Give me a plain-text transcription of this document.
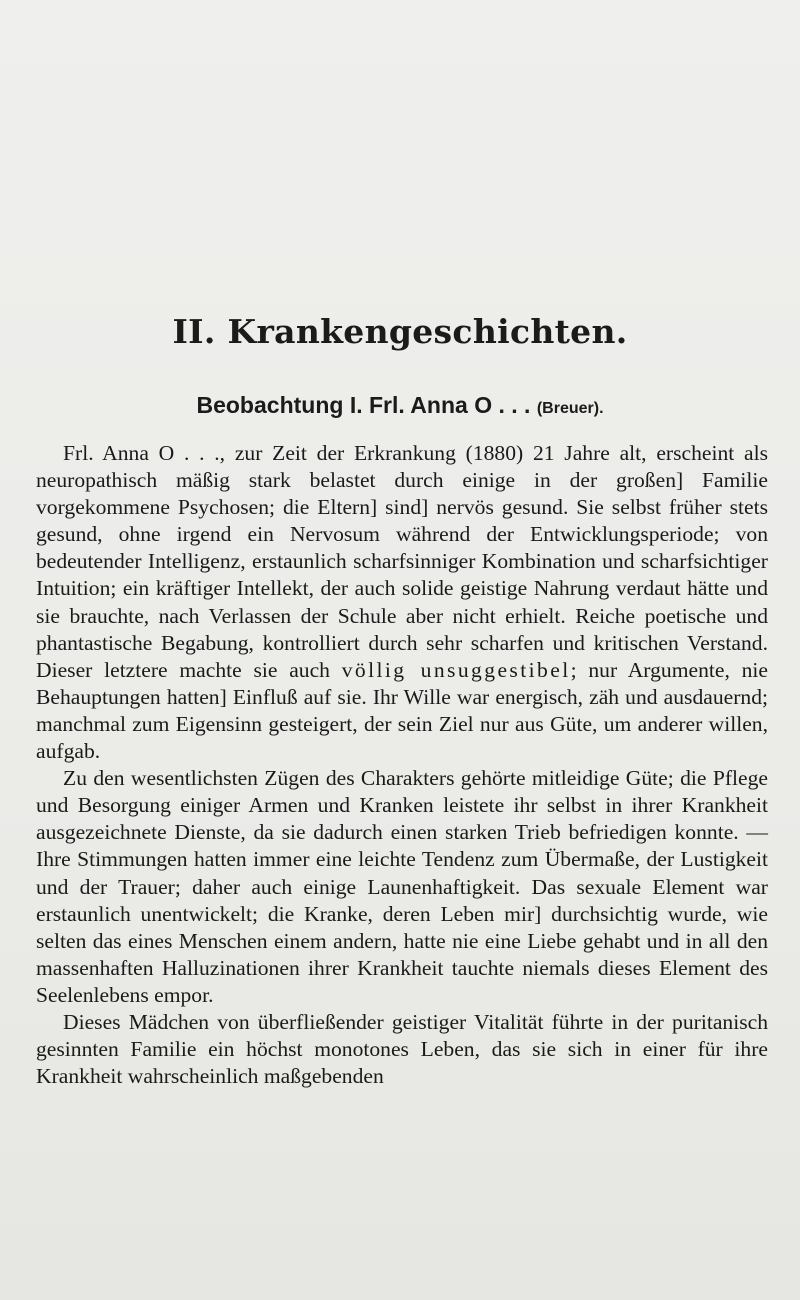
II. Krankengeschichten.
Beobachtung I. Frl. Anna O . . . (Breuer).

Frl. Anna O . . ., zur Zeit der Erkrankung (1880) 21 Jahre alt, erscheint als neuropathisch mäßig stark belastet durch einige in der großen] Familie vorgekommene Psychosen; die Eltern] sind] nervös gesund. Sie selbst früher stets gesund, ohne irgend ein Nervosum während der Entwicklungsperiode; von bedeutender Intelligenz, erstaunlich scharfsinniger Kombination und scharfsichtiger Intuition; ein kräftiger Intellekt, der auch solide geistige Nahrung verdaut hätte und sie brauchte, nach Verlassen der Schule aber nicht erhielt. Reiche poetische und phantastische Begabung, kontrolliert durch sehr scharfen und kritischen Verstand. Dieser letztere machte sie auch völlig unsuggestibel; nur Argumente, nie Behauptungen hatten] Einfluß auf sie. Ihr Wille war energisch, zäh und ausdauernd; manchmal zum Eigensinn gesteigert, der sein Ziel nur aus Güte, um anderer willen, aufgab.

Zu den wesentlichsten Zügen des Charakters gehörte mitleidige Güte; die Pflege und Besorgung einiger Armen und Kranken leistete ihr selbst in ihrer Krankheit ausgezeichnete Dienste, da sie dadurch einen starken Trieb befriedigen konnte. — Ihre Stimmungen hatten immer eine leichte Tendenz zum Übermaße, der Lustigkeit und der Trauer; daher auch einige Launenhaftigkeit. Das sexuale Element war erstaunlich unentwickelt; die Kranke, deren Leben mir] durchsichtig wurde, wie selten das eines Menschen einem andern, hatte nie eine Liebe gehabt und in all den massenhaften Halluzinationen ihrer Krankheit tauchte niemals dieses Element des Seelenlebens empor.

Dieses Mädchen von überfließender geistiger Vitalität führte in der puritanisch gesinnten Familie ein höchst monotones Leben, das sie sich in einer für ihre Krankheit wahrscheinlich maßgebenden
